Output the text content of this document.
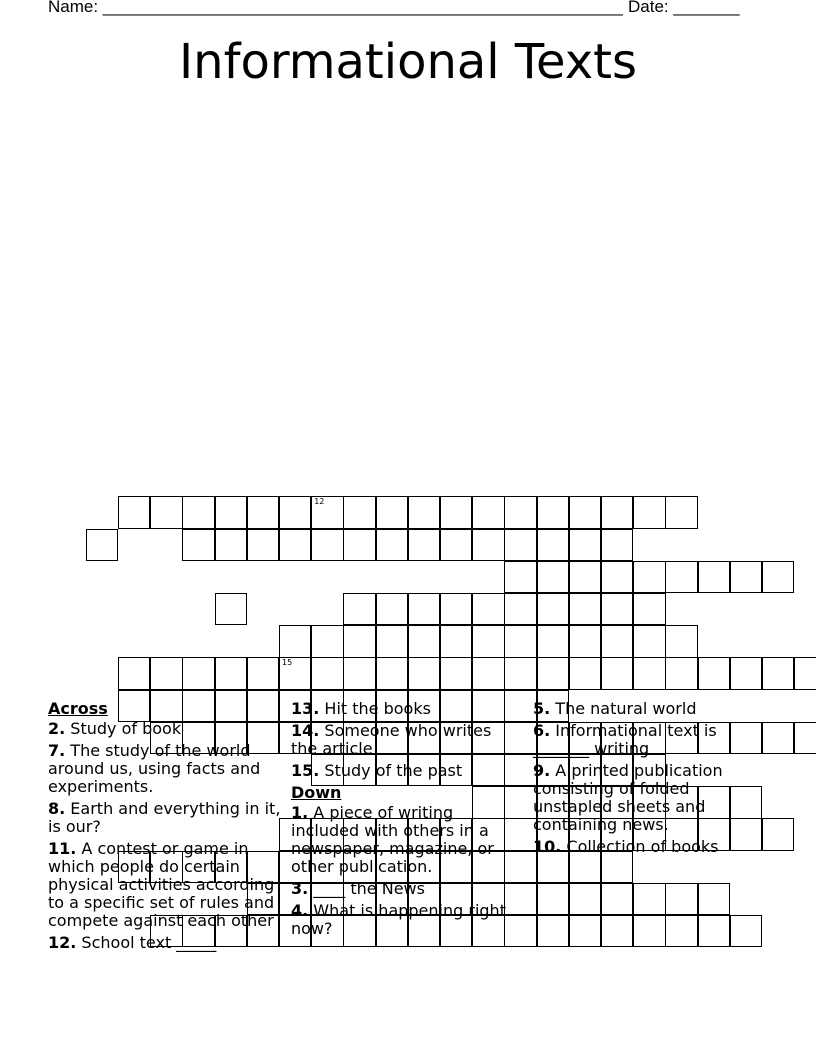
Name: _______________________________________________________ Date: _______
Informational Texts
12
15
Across
2. Study of book
7. The study of the world around us, using facts and experiments.
8. Earth and everything in it, is our?
11. A contest or game in which people do certain physical activities according to a specific set of rules and compete against each other
12. School text _____
13. Hit the books
14. Someone who writes the article
15. Study of the past
Down
1. A piece of writing included with others in a newspaper, magazine, or other publication.
3. ____ the News
4. What is happening right now?
5. The natural world
6. Informational text is _______ writing
9. A printed publication consisting of folded unstapled sheets and containing news.
10. Collection of books
